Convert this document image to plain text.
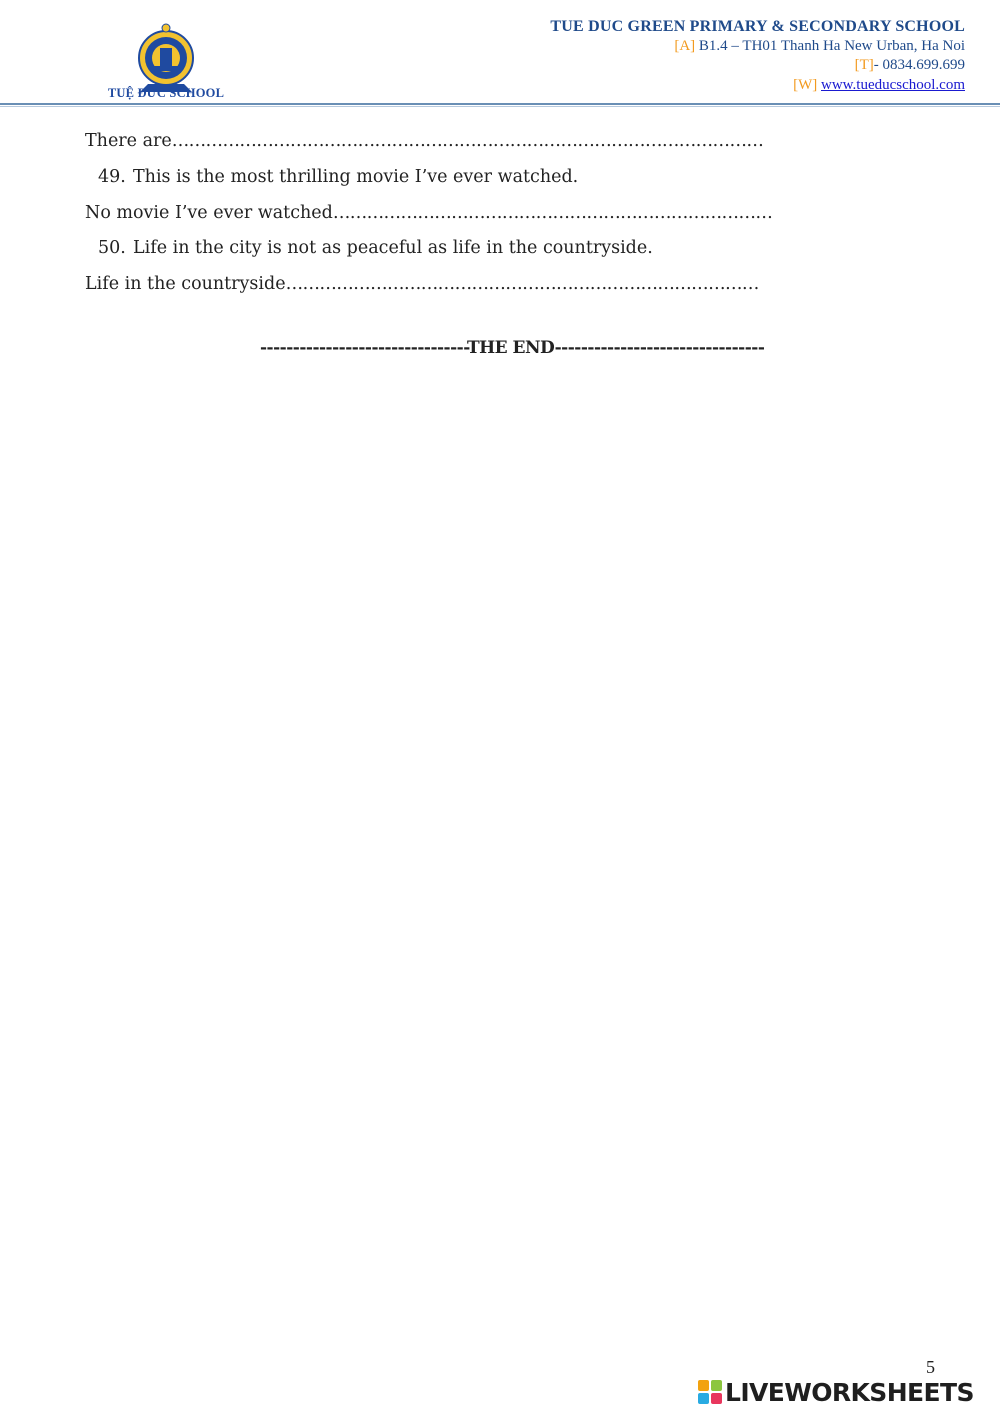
TUỆ ĐỨC SCHOOL
TUE DUC GREEN PRIMARY & SECONDARY SCHOOL
[A] B1.4 – TH01 Thanh Ha New Urban, Ha Noi
[T]- 0834.699.699
[W] www.tueducschool.com
There are……………………………………………………………………………………………
49. This is the most thrilling movie I’ve ever watched.
No movie I’ve ever watched……………………………………………………………………
50. Life in the city is not as peaceful as life in the countryside.
Life in the countryside…………………………………………………………………………
--------------------------------THE END--------------------------------
5
LIVEWORKSHEETS
